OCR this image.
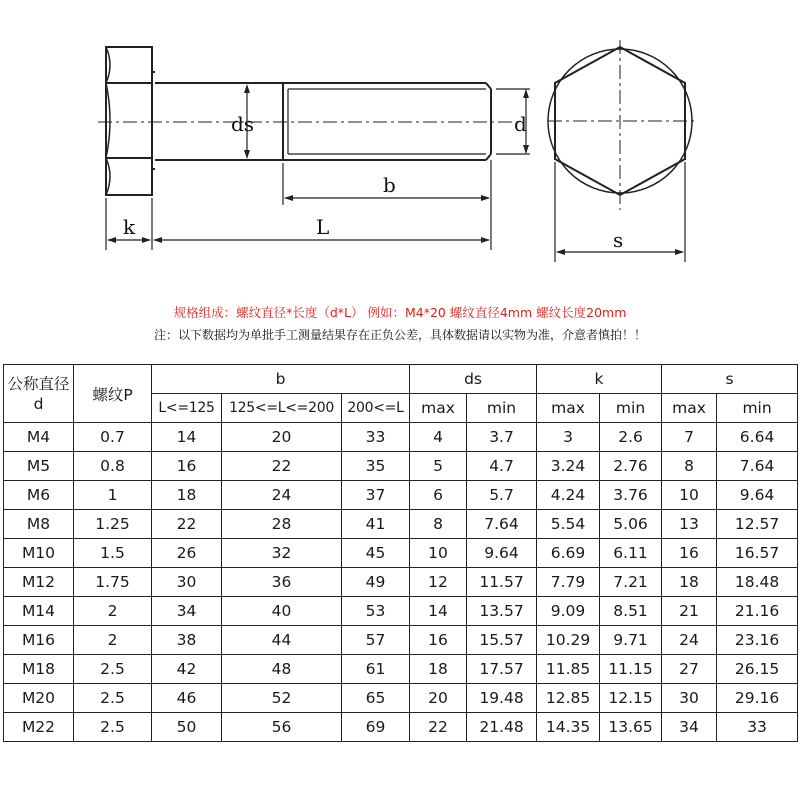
ds	d
b
k	L
s
规格组成：螺纹直径*长度（d*L） 例如：M4*20 螺纹直径4mm 螺纹长度20mm
注：以下数据均为单批手工测量结果存在正负公差，具体数据请以实物为准，介意者慎拍！！
公称直径
d	螺纹P	b			ds		k		s	
		L<=125	125<=L<=200	200<=L	max	min	max	min	max	min
M4	0.7	14	20	33	4	3.7	3	2.6	7	6.64
M5	0.8	16	22	35	5	4.7	3.24	2.76	8	7.64
M6	1	18	24	37	6	5.7	4.24	3.76	10	9.64
M8	1.25	22	28	41	8	7.64	5.54	5.06	13	12.57
M10	1.5	26	32	45	10	9.64	6.69	6.11	16	16.57
M12	1.75	30	36	49	12	11.57	7.79	7.21	18	18.48
M14	2	34	40	53	14	13.57	9.09	8.51	21	21.16
M16	2	38	44	57	16	15.57	10.29	9.71	24	23.16
M18	2.5	42	48	61	18	17.57	11.85	11.15	27	26.15
M20	2.5	46	52	65	20	19.48	12.85	12.15	30	29.16
M22	2.5	50	56	69	22	21.48	14.35	13.65	34	33
